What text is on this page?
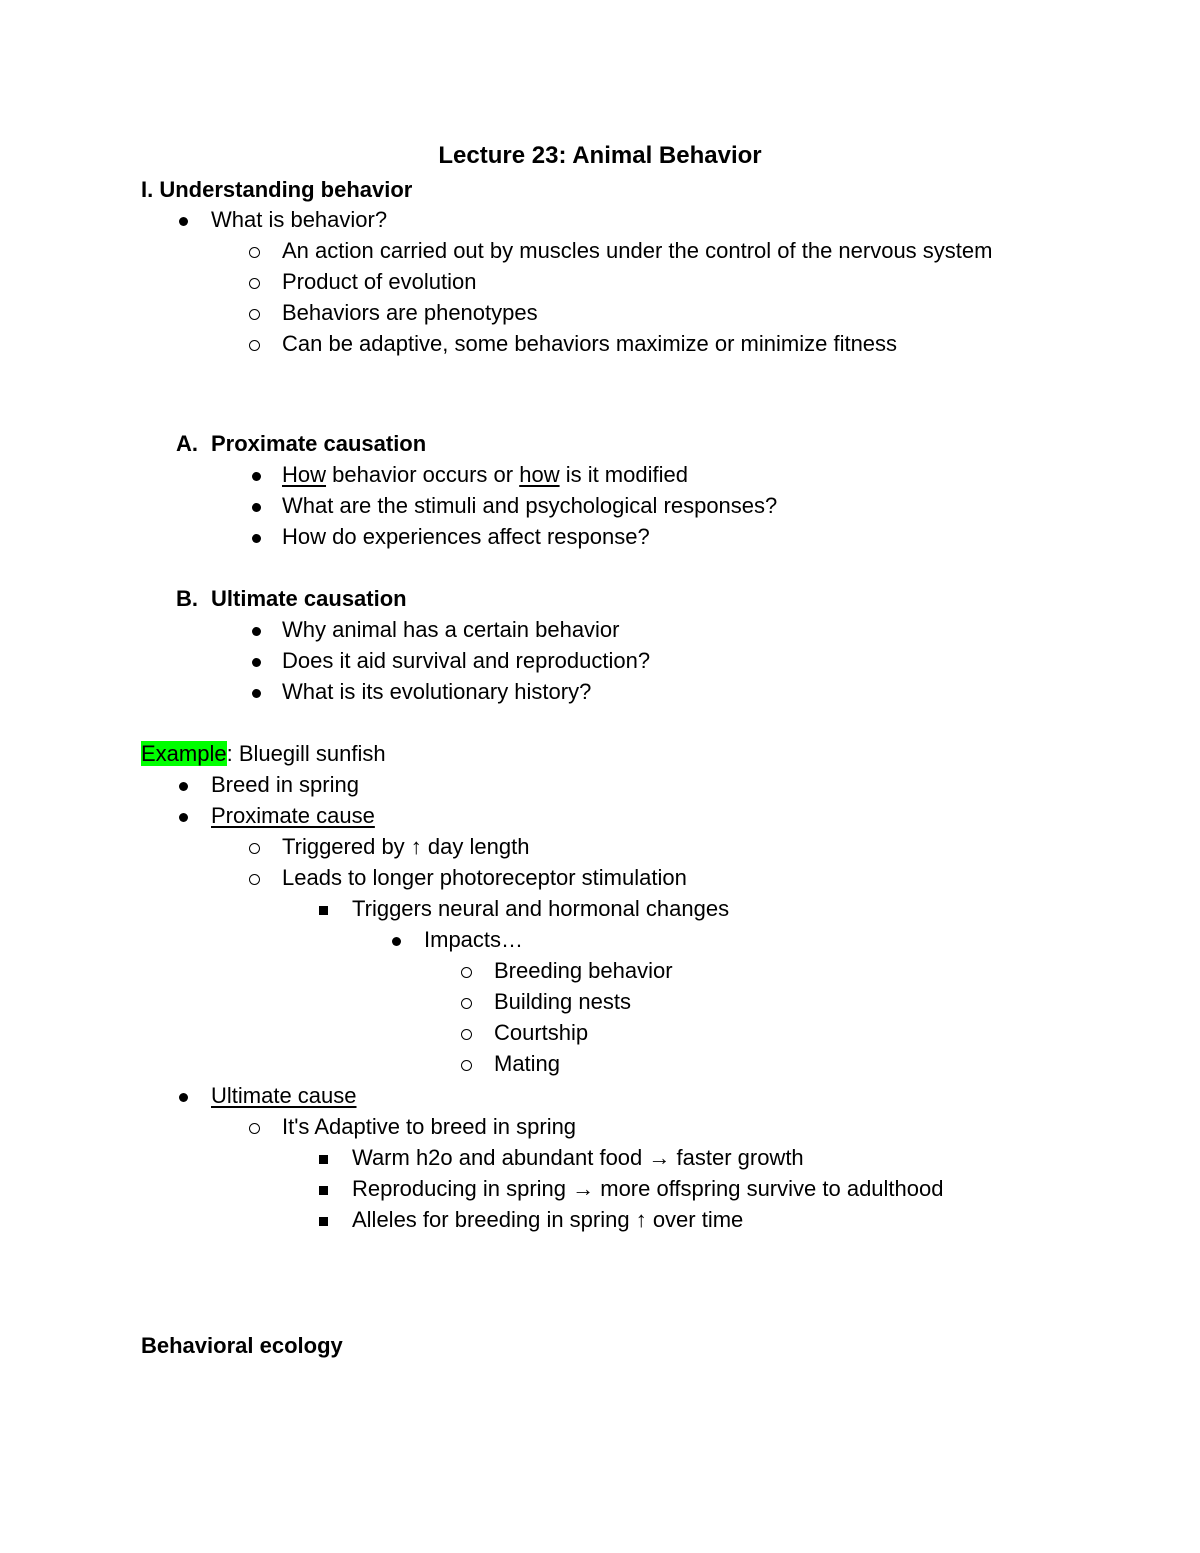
Lecture 23: Animal Behavior
I. Understanding behavior
What is behavior?
An action carried out by muscles under the control of the nervous system
Product of evolution
Behaviors are phenotypes
Can be adaptive, some behaviors maximize or minimize fitness
A. Proximate causation
How behavior occurs or how is it modified
What are the stimuli and psychological responses?
How do experiences affect response?
B. Ultimate causation
Why animal has a certain behavior
Does it aid survival and reproduction?
What is its evolutionary history?
Example: Bluegill sunfish
Breed in spring
Proximate cause
Triggered by ↑ day length
Leads to longer photoreceptor stimulation
Triggers neural and hormonal changes
Impacts…
Breeding behavior
Building nests
Courtship
Mating
Ultimate cause
It's Adaptive to breed in spring
Warm h2o and abundant food → faster growth
Reproducing in spring → more offspring survive to adulthood
Alleles for breeding in spring ↑ over time
Behavioral ecology
